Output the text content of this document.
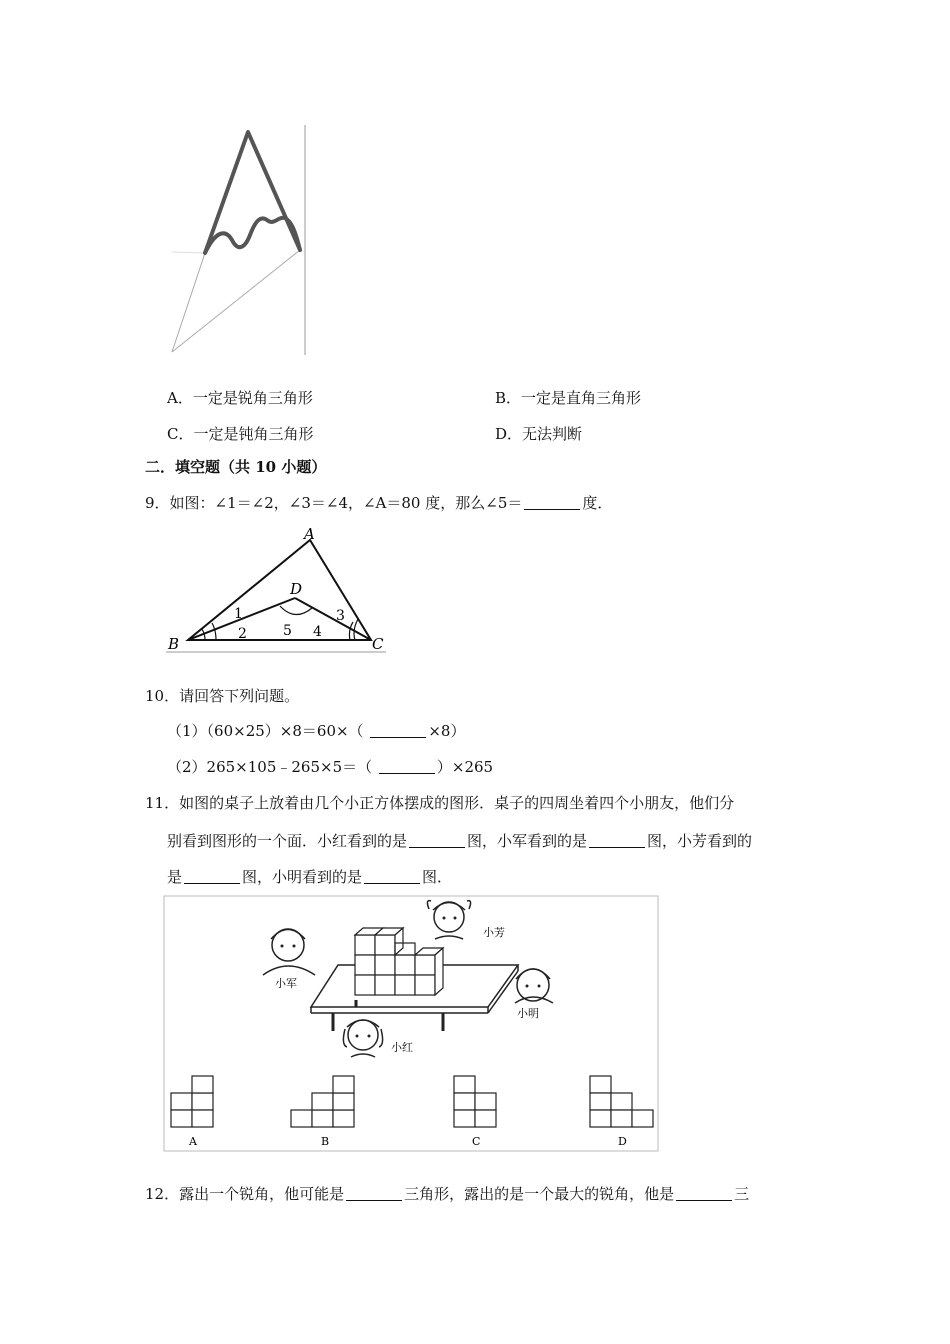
A．一定是锐角三角形	B．一定是直角三角形
C．一定是钝角三角形	D．无法判断
二．填空题（共 10 小题）
9．如图：∠1＝∠2，∠3＝∠4，∠A＝80 度，那么∠5＝	度．
A
B	C
D
1
2
3
4
5
10．请回答下列问题。
（1）（60×25）×8＝60×（	×8）
（2）265×105﹣265×5＝（	）×265
11．如图的桌子上放着由几个小正方体摆成的图形．桌子的四周坐着四个小朋友，他们分
别看到图形的一个面．小红看到的是	图，小军看到的是	图，小芳看到的
是	图，小明看到的是	图．
小军
小芳
小明
小红
A	B	C	D
12．露出一个锐角，他可能是	三角形，露出的是一个最大的锐角，他是	三
